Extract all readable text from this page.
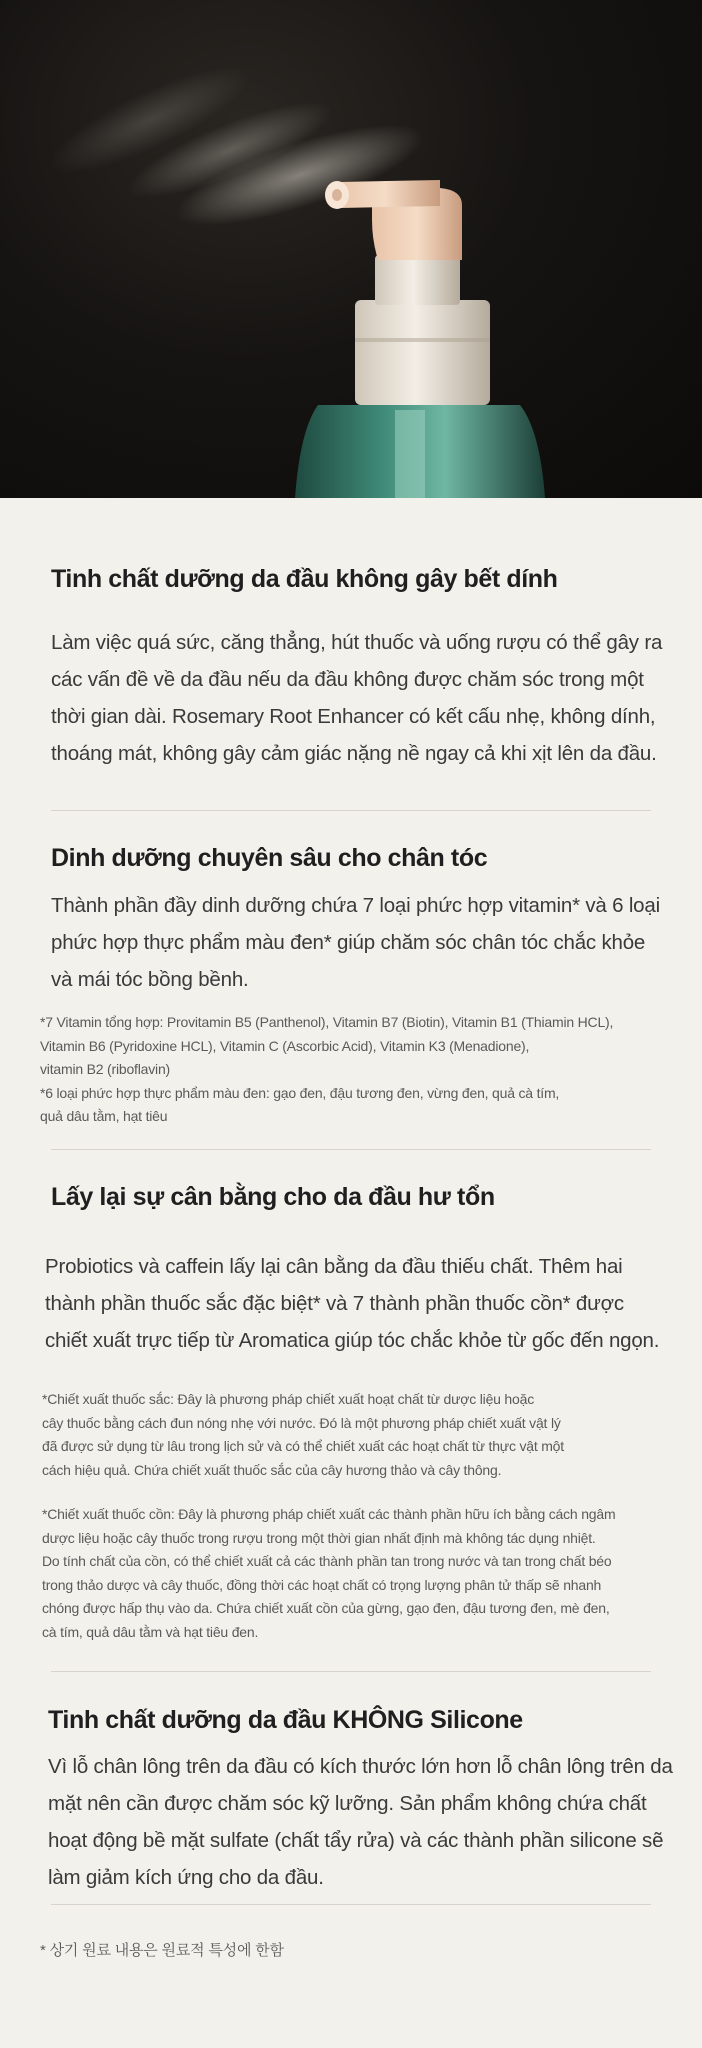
Tinh chất dưỡng da đầu không gây bết dính
Làm việc quá sức, căng thẳng, hút thuốc và uống rượu có thể gây ra
các vấn đề về da đầu nếu da đầu không được chăm sóc trong một
thời gian dài. Rosemary Root Enhancer có kết cấu nhẹ, không dính,
thoáng mát, không gây cảm giác nặng nề ngay cả khi xịt lên da đầu.
Dinh dưỡng chuyên sâu cho chân tóc
Thành phần đầy dinh dưỡng chứa 7 loại phức hợp vitamin* và 6 loại
phức hợp thực phẩm màu đen* giúp chăm sóc chân tóc chắc khỏe
và mái tóc bồng bềnh.
*7 Vitamin tổng hợp: Provitamin B5 (Panthenol), Vitamin B7 (Biotin), Vitamin B1 (Thiamin HCL),
Vitamin B6 (Pyridoxine HCL), Vitamin C (Ascorbic Acid), Vitamin K3 (Menadione),
vitamin B2 (riboflavin)
*6 loại phức hợp thực phẩm màu đen: gạo đen, đậu tương đen, vừng đen, quả cà tím,
quả dâu tằm, hạt tiêu
Lấy lại sự cân bằng cho da đầu hư tổn
Probiotics và caffein lấy lại cân bằng da đầu thiếu chất. Thêm hai
thành phần thuốc sắc đặc biệt* và 7 thành phần thuốc cồn* được
chiết xuất trực tiếp từ Aromatica giúp tóc chắc khỏe từ gốc đến ngọn.
*Chiết xuất thuốc sắc: Đây là phương pháp chiết xuất hoạt chất từ dược liệu hoặc
cây thuốc bằng cách đun nóng nhẹ với nước. Đó là một phương pháp chiết xuất vật lý
đã được sử dụng từ lâu trong lịch sử và có thể chiết xuất các hoạt chất từ thực vật một
cách hiệu quả. Chứa chiết xuất thuốc sắc của cây hương thảo và cây thông.
*Chiết xuất thuốc cồn: Đây là phương pháp chiết xuất các thành phần hữu ích bằng cách ngâm
dược liệu hoặc cây thuốc trong rượu trong một thời gian nhất định mà không tác dụng nhiệt.
Do tính chất của cồn, có thể chiết xuất cả các thành phần tan trong nước và tan trong chất béo
trong thảo dược và cây thuốc, đồng thời các hoạt chất có trọng lượng phân tử thấp sẽ nhanh
chóng được hấp thụ vào da. Chứa chiết xuất cồn của gừng, gạo đen, đậu tương đen, mè đen,
cà tím, quả dâu tằm và hạt tiêu đen.
Tinh chất dưỡng da đầu KHÔNG Silicone
Vì lỗ chân lông trên da đầu có kích thước lớn hơn lỗ chân lông trên da
mặt nên cần được chăm sóc kỹ lưỡng. Sản phẩm không chứa chất
hoạt động bề mặt sulfate (chất tẩy rửa) và các thành phần silicone sẽ
làm giảm kích ứng cho da đầu.
* 상기 원료 내용은 원료적 특성에 한함
